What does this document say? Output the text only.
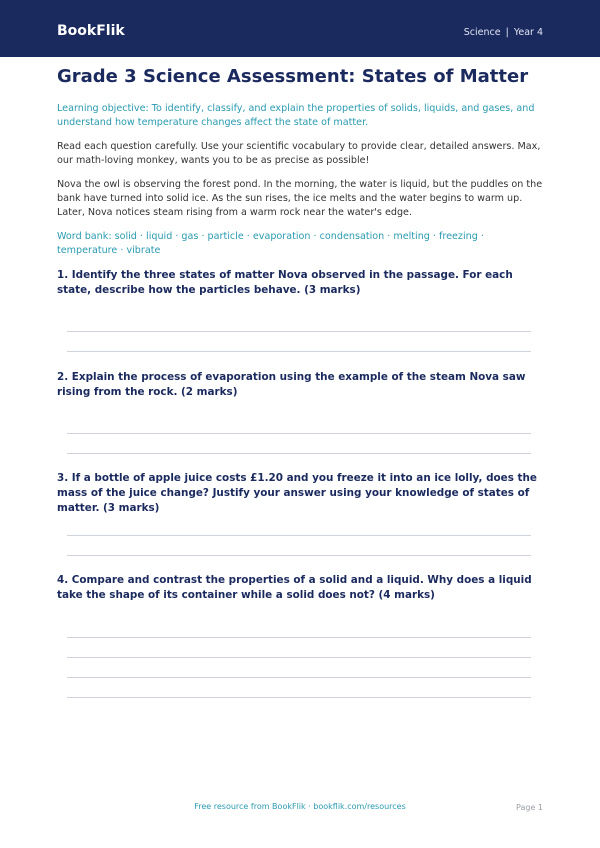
BookFlik	Science | Year 4
Grade 3 Science Assessment: States of Matter

Learning objective: To identify, classify, and explain the properties of solids, liquids, and gases, and understand how temperature changes affect the state of matter.

Read each question carefully. Use your scientific vocabulary to provide clear, detailed answers. Max, our math-loving monkey, wants you to be as precise as possible!

Nova the owl is observing the forest pond. In the morning, the water is liquid, but the puddles on the bank have turned into solid ice. As the sun rises, the ice melts and the water begins to warm up. Later, Nova notices steam rising from a warm rock near the water's edge.

Word bank: solid · liquid · gas · particle · evaporation · condensation · melting · freezing · temperature · vibrate

1. Identify the three states of matter Nova observed in the passage. For each state, describe how the particles behave. (3 marks)

2. Explain the process of evaporation using the example of the steam Nova saw rising from the rock. (2 marks)

3. If a bottle of apple juice costs £1.20 and you freeze it into an ice lolly, does the mass of the juice change? Justify your answer using your knowledge of states of matter. (3 marks)

4. Compare and contrast the properties of a solid and a liquid. Why does a liquid take the shape of its container while a solid does not? (4 marks)

Free resource from BookFlik · bookflik.com/resources	Page 1
